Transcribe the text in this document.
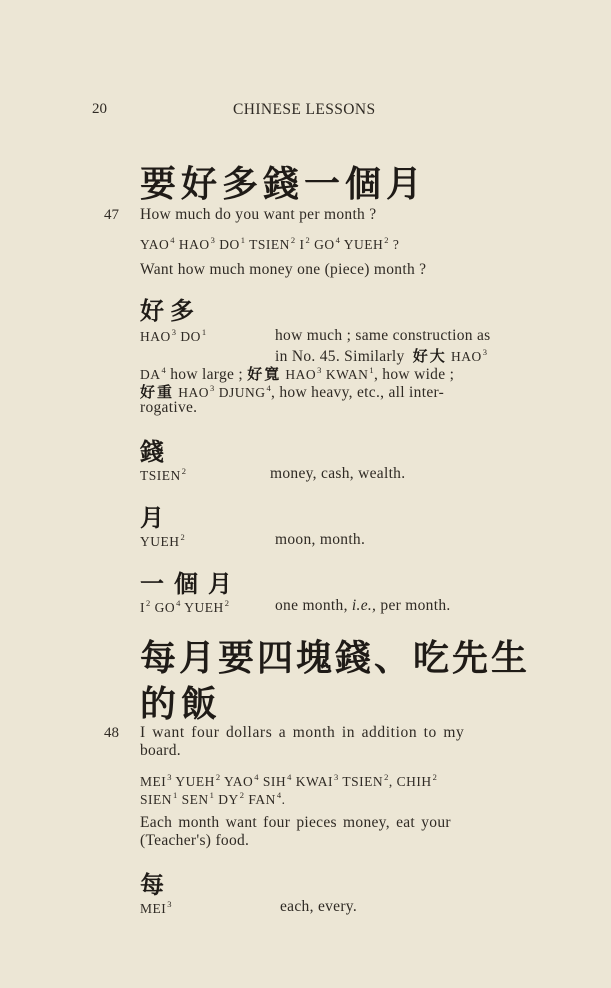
20	CHINESE LESSONS
要好多錢一個月
47 How much do you want per month ?
YAO$^4$ HAO$^3$ $DO^1$ TSIEN$^2$ $I^2$ $GO^4$ YUEH$^2$ ?
Want how much money one (piece) month ?
好多
HAO$^3$ $DO^1$	how much ; same construction as
in No. 45. Similarly 好大 HAO$^3$
$DA^4$ how large ; 好寬 HAO$^3$ KWAN$^1$, how wide ;
好重 HAO$^3$ DJUNG$^4$, how heavy, etc., all inter-
rogative.
錢
TSIEN$^2$	money, cash, wealth.
月
YUEH$^2$	moon, month.
一個月
$I^2$ $GO^4$ YUEH$^2$	one month, i.e., per month.
每月要四塊錢、吃先生
的飯
48 I want four dollars a month in addition to my
board.
MEI$^3$ YUEH$^2$ YAO$^4$ SIH$^4$ KWAI$^3$ TSIEN$^2$, CHIH$^2$
SIEN$^1$ SEN$^1$ $DY^2$ FAN$^4$.
Each month want four pieces money, eat your
(Teacher's) food.
每
MEI$^3$	each, every.
